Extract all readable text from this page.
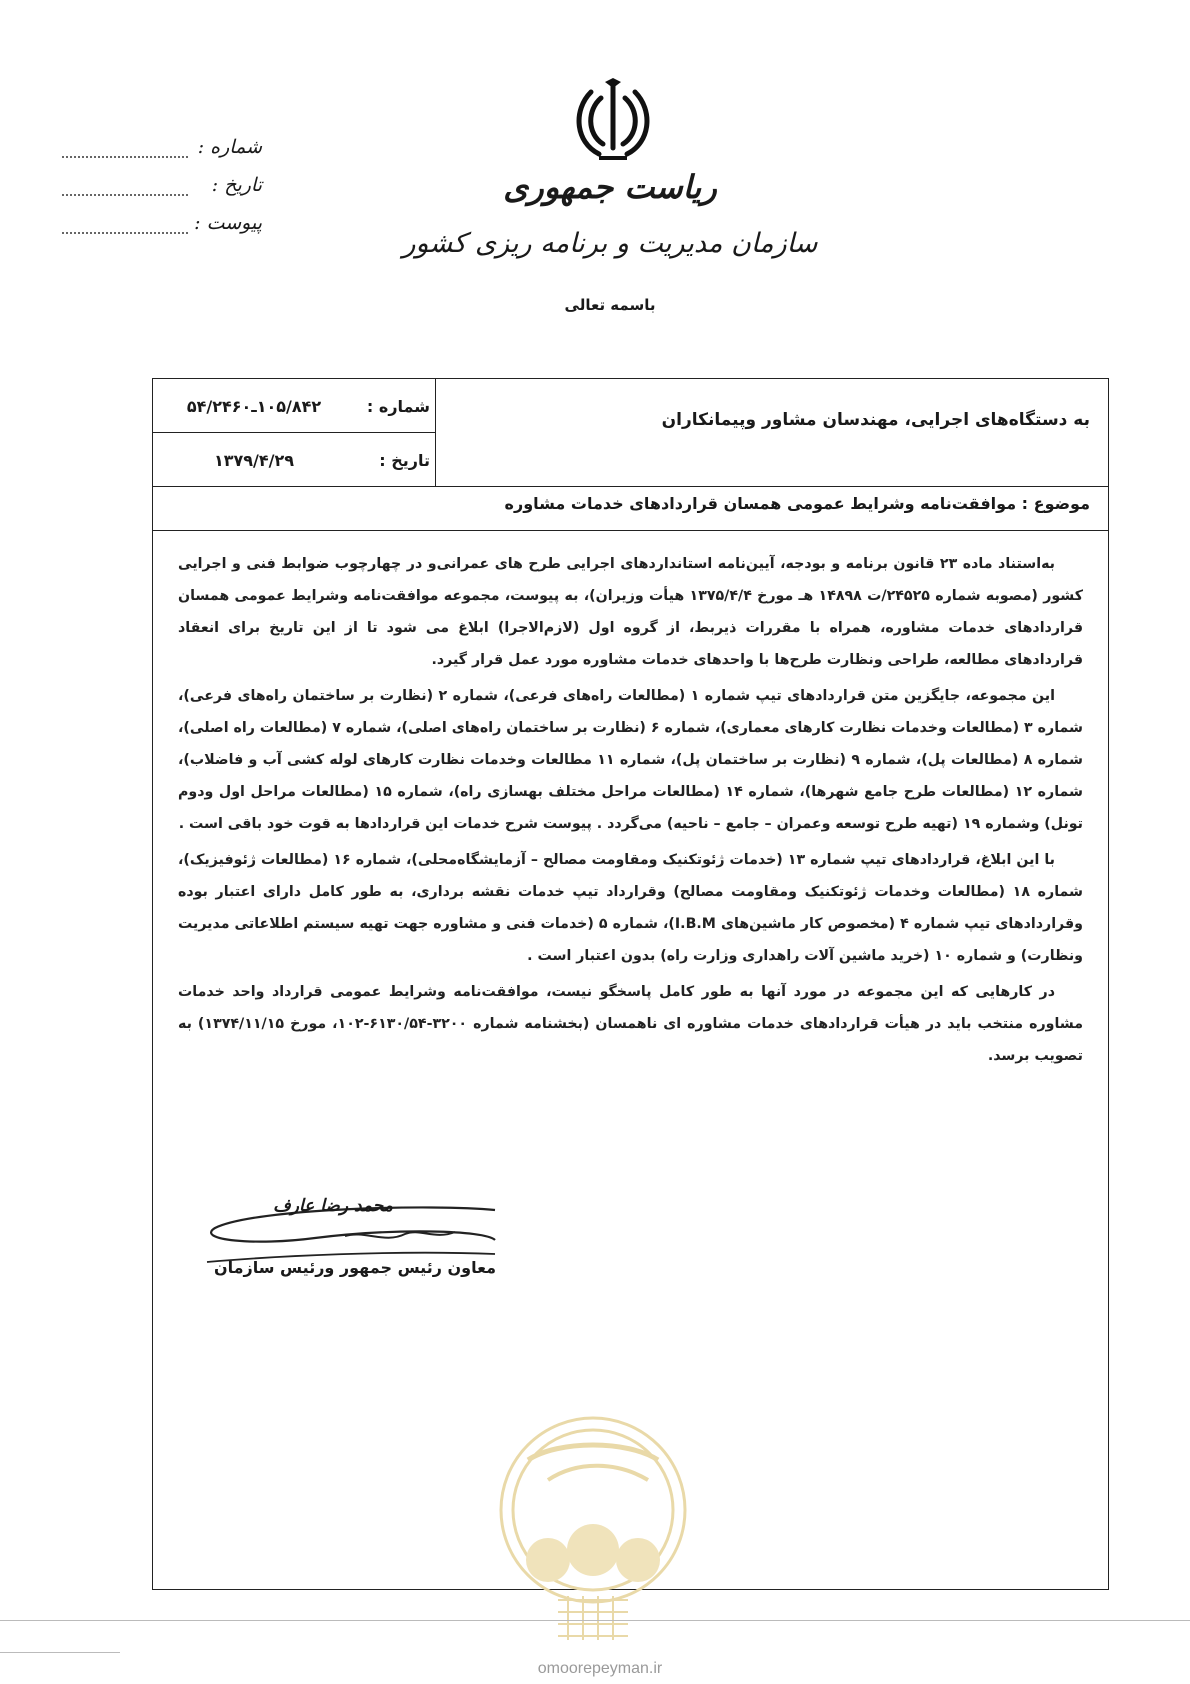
شماره :
تاریخ :
پیوست :
ریاست جمهوری
سازمان مدیریت و برنامه ریزی کشور
باسمه تعالی
شماره :
۱۰۵/۸۴۲ـ۵۴/۲۴۶۰
تاریخ :
۱۳۷۹/۴/۲۹
به دستگاه‌های اجرایی، مهندسان مشاور وپیمانکاران
موضوع : موافقت‌نامه وشرایط عمومی همسان قراردادهای خدمات مشاوره

به‌استناد ماده ۲۳ قانون برنامه و بودجه، آیین‌نامه استانداردهای اجرایی طرح های عمرانی‌و در چهارچوب ضوابط فنی و اجرایی کشور (مصوبه شماره ۲۴۵۲۵/ت ۱۴۸۹۸ هـ مورخ ۱۳۷۵/۴/۴ هیأت وزیران)، به پیوست، مجموعه موافقت‌نامه وشرایط عمومی همسان قراردادهای خدمات مشاوره، همراه با مقررات ذیربط، از گروه اول (لازم‌الاجرا) ابلاغ می شود تا از این تاریخ برای انعقاد قراردادهای مطالعه، طراحی ونظارت طرح‌ها با واحدهای خدمات مشاوره مورد عمل قرار گیرد.

این مجموعه، جایگزین متن قراردادهای تیپ شماره ۱ (مطالعات راه‌های فرعی)، شماره ۲ (نظارت بر ساختمان راه‌های فرعی)، شماره ۳ (مطالعات وخدمات نظارت کارهای معماری)، شماره ۶ (نظارت بر ساختمان راه‌های اصلی)، شماره ۷ (مطالعات راه اصلی)، شماره ۸ (مطالعات پل)، شماره ۹ (نظارت بر ساختمان پل)، شماره ۱۱ مطالعات وخدمات نظارت کارهای لوله کشی آب و فاضلاب)، شماره ۱۲ (مطالعات طرح جامع شهرها)، شماره ۱۴ (مطالعات مراحل مختلف بهسازی راه)، شماره ۱۵ (مطالعات مراحل اول ودوم تونل) وشماره ۱۹ (تهیه طرح توسعه وعمران – جامع – ناحیه) می‌گردد . پیوست شرح خدمات این قراردادها به قوت خود باقی است .

با این ابلاغ، قراردادهای تیپ شماره ۱۳ (خدمات ژئوتکنیک ومقاومت مصالح – آزمایشگاه‌محلی)، شماره ۱۶ (مطالعات ژئوفیزیک)، شماره ۱۸ (مطالعات وخدمات ژئوتکنیک ومقاومت مصالح) وقرارداد تیپ خدمات نقشه برداری، به طور کامل دارای اعتبار بوده وقراردادهای تیپ شماره ۴ (مخصوص کار ماشین‌های I.B.M)، شماره ۵ (خدمات فنی و مشاوره جهت تهیه سیستم اطلاعاتی مدیریت ونظارت) و شماره ۱۰ (خرید ماشین آلات راهداری وزارت راه) بدون اعتبار است .

در کارهایی که این مجموعه در مورد آنها به طور کامل پاسخگو نیست، موافقت‌نامه وشرایط عمومی قرارداد واحد خدمات مشاوره منتخب باید در هیأت قراردادهای خدمات مشاوره ای ناهمسان (بخشنامه شماره ۳۲۰۰-۶۱۳۰/۵۴-۱۰۲، مورخ ۱۳۷۴/۱۱/۱۵) به تصویب برسد.

محمد رضا عارف
معاون رئیس جمهور ورئیس سازمان
omoorepeyman.ir
